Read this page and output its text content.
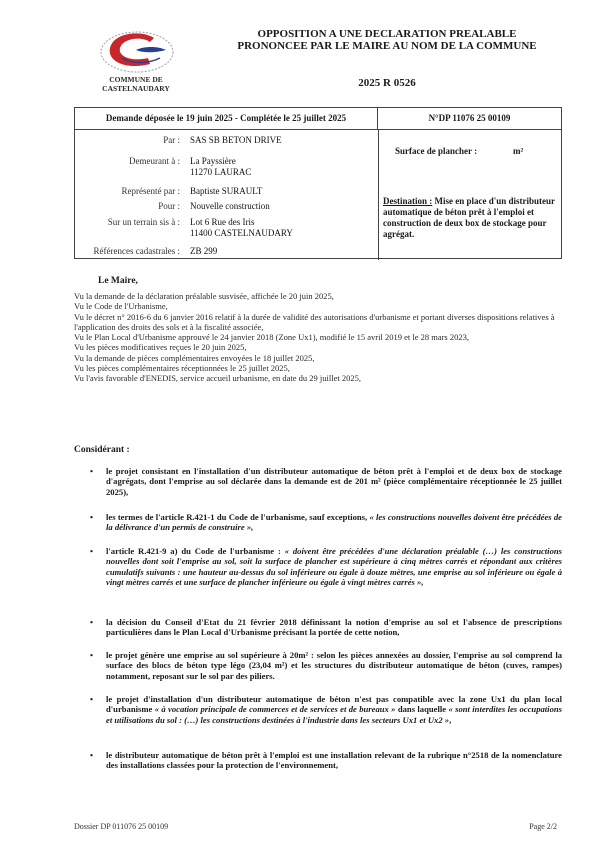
COMMUNE DE
CASTELNAUDARY
OPPOSITION A UNE DECLARATION PREALABLE
PRONONCEE PAR LE MAIRE AU NOM DE LA COMMUNE
2025 R 0526
Demande déposée le 19 juin 2025 - Complétée le 25 juillet 2025	N°DP 11076 25 00109
Par : SAS SB BETON DRIVE
Demeurant à : La Payssière
11270 LAURAC
Représenté par : Baptiste SURAULT
Pour : Nouvelle construction
Sur un terrain sis à : Lot 6 Rue des Iris
11400 CASTELNAUDARY
Références cadastrales : ZB 299
Surface de plancher :	m²
Destination : Mise en place d'un distributeur automatique de béton prêt à l'emploi et construction de deux box de stockage pour agrégat.
Le Maire,

Vu la demande de la déclaration préalable susvisée, affichée le 20 juin 2025,

Vu le Code de l'Urbanisme,

Vu le décret n° 2016-6 du 6 janvier 2016 relatif à la durée de validité des autorisations d'urbanisme et portant diverses dispositions relatives à l'application des droits des sols et à la fiscalité associée,

Vu le Plan Local d'Urbanisme approuvé le 24 janvier 2018 (Zone Ux1), modifié le 15 avril 2019 et le 28 mars 2023,

Vu les pièces modificatives reçues le 20 juin 2025,

Vu la demande de pièces complémentaires envoyées le 18 juillet 2025,

Vu les pièces complémentaires réceptionnées le 25 juillet 2025,

Vu l'avis favorable d'ENEDIS, service accueil urbanisme, en date du 29 juillet 2025,

Considérant :
•	le projet consistant en l'installation d'un distributeur automatique de béton prêt à l'emploi et de deux box de stockage d'agrégats, dont l'emprise au sol déclarée dans la demande est de 201 m² (pièce complémentaire réceptionnée le 25 juillet 2025),
•	les termes de l'article R.421-1 du Code de l'urbanisme, sauf exceptions, « les constructions nouvelles doivent être précédées de la délivrance d'un permis de construire »,
•	l'article R.421-9 a) du Code de l'urbanisme : « doivent être précédées d'une déclaration préalable (…) les constructions nouvelles dont soit l'emprise au sol, soit la surface de plancher est supérieure à cinq mètres carrés et répondant aux critères cumulatifs suivants : une hauteur au-dessus du sol inférieure ou égale à douze mètres, une emprise au sol inférieure ou égale à vingt mètres carrés et une surface de plancher inférieure ou égale à vingt mètres carrés »,
•	la décision du Conseil d'Etat du 21 février 2018 définissant la notion d'emprise au sol et l'absence de prescriptions particulières dans le Plan Local d'Urbanisme précisant la portée de cette notion,
•	le projet génère une emprise au sol supérieure à 20m² : selon les pièces annexées au dossier, l'emprise au sol comprend la surface des blocs de béton type légo (23,04 m²) et les structures du distributeur automatique de béton (cuves, rampes) notamment, reposant sur le sol par des piliers.
•	le projet d'installation d'un distributeur automatique de béton n'est pas compatible avec la zone Ux1 du plan local d'urbanisme « à vocation principale de commerces et de services et de bureaux » dans laquelle « sont interdites les occupations et utilisations du sol : (…) les constructions destinées à l'industrie dans les secteurs Ux1 et Ux2 »,
•	le distributeur automatique de béton prêt à l'emploi est une installation relevant de la rubrique n°2518 de la nomenclature des installations classées pour la protection de l'environnement,
Dossier DP 011076 25 00109	Page 2/2
